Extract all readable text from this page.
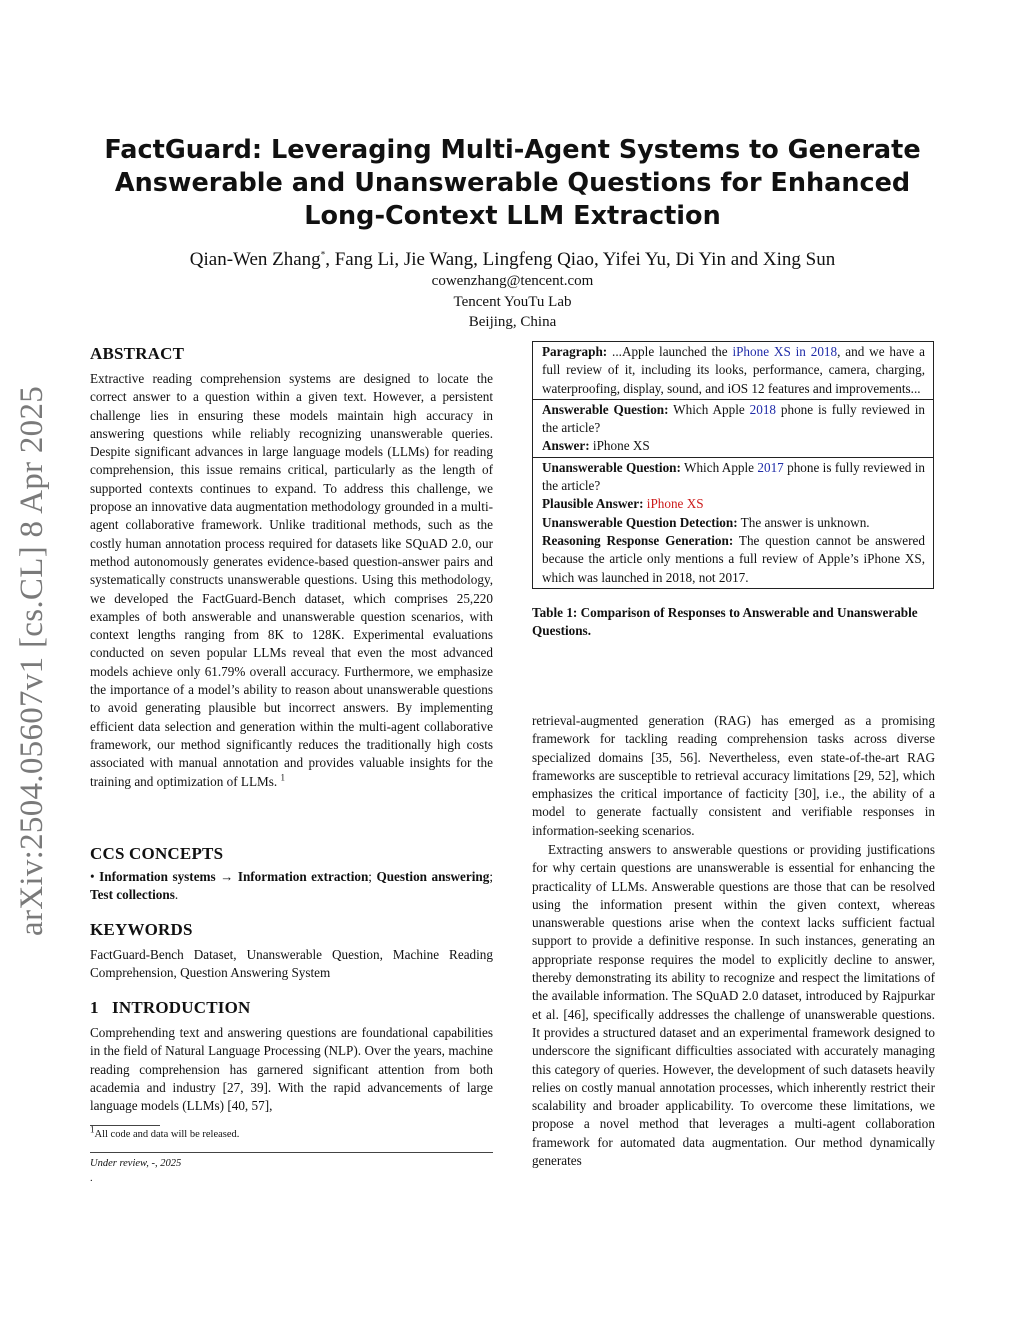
arXiv:2504.05607v1 [cs.CL] 8 Apr 2025
FactGuard: Leveraging Multi-Agent Systems to Generate
Answerable and Unanswerable Questions for Enhanced
Long-Context LLM Extraction
Qian-Wen Zhang*, Fang Li, Jie Wang, Lingfeng Qiao, Yifei Yu, Di Yin and Xing Sun
cowenzhang@tencent.com
Tencent YouTu Lab
Beijing, China
ABSTRACT

Extractive reading comprehension systems are designed to locate the correct answer to a question within a given text. However, a persistent challenge lies in ensuring these models maintain high accuracy in answering questions while reliably recognizing unanswerable queries. Despite significant advances in large language models (LLMs) for reading comprehension, this issue remains critical, particularly as the length of supported contexts continues to expand. To address this challenge, we propose an innovative data augmentation methodology grounded in a multi-agent collaborative framework. Unlike traditional methods, such as the costly human annotation process required for datasets like SQuAD 2.0, our method autonomously generates evidence-based question-answer pairs and systematically constructs unanswerable questions. Using this methodology, we developed the FactGuard-Bench dataset, which comprises 25,220 examples of both answerable and unanswerable question scenarios, with context lengths ranging from 8K to 128K. Experimental evaluations conducted on seven popular LLMs reveal that even the most advanced models achieve only 61.79% overall accuracy. Furthermore, we emphasize the importance of a model’s ability to reason about unanswerable questions to avoid generating plausible but incorrect answers. By implementing efficient data selection and generation within the multi-agent collaborative framework, our method significantly reduces the traditionally high costs associated with manual annotation and provides valuable insights for the training and optimization of LLMs. $^1$

CCS CONCEPTS

• Information systems → Information extraction; Question answering; Test collections.

KEYWORDS

FactGuard-Bench Dataset, Unanswerable Question, Machine Reading Comprehension, Question Answering System

1   INTRODUCTION

Comprehending text and answering questions are foundational capabilities in the field of Natural Language Processing (NLP). Over the years, machine reading comprehension has garnered significant attention from both academia and industry [27, 39]. With the rapid advancements of large language models (LLMs) [40, 57],

$^1$All code and data will be released.

Under review, -, 2025

.

Paragraph: ...Apple launched the iPhone XS in 2018, and we have a full review of it, including its looks, performance, camera, charging, waterproofing, display, sound, and iOS 12 features and improvements...
Answerable Question: Which Apple 2018 phone is fully reviewed in the article?
Answer: iPhone XS
Unanswerable Question: Which Apple 2017 phone is fully reviewed in the article?
Plausible Answer: iPhone XS
Unanswerable Question Detection: The answer is unknown.
Reasoning Response Generation: The question cannot be answered because the article only mentions a full review of Apple’s iPhone XS, which was launched in 2018, not 2017.

Table 1: Comparison of Responses to Answerable and Unanswerable Questions.

retrieval-augmented generation (RAG) has emerged as a promising framework for tackling reading comprehension tasks across diverse specialized domains [35, 56]. Nevertheless, even state-of-the-art RAG frameworks are susceptible to retrieval accuracy limitations [29, 52], which emphasizes the critical importance of facticity [30], i.e., the ability of a model to generate factually consistent and verifiable responses in information-seeking scenarios.

Extracting answers to answerable questions or providing justifications for why certain questions are unanswerable is essential for enhancing the practicality of LLMs. Answerable questions are those that can be resolved using the information present within the given context, whereas unanswerable questions arise when the context lacks sufficient factual support to provide a definitive response. In such instances, generating an appropriate response requires the model to explicitly decline to answer, thereby demonstrating its ability to recognize and respect the limitations of the available information. The SQuAD 2.0 dataset, introduced by Rajpurkar et al. [46], specifically addresses the challenge of unanswerable questions. It provides a structured dataset and an experimental framework designed to underscore the significant difficulties associated with accurately managing this category of queries. However, the development of such datasets heavily relies on costly manual annotation processes, which inherently restrict their scalability and broader applicability. To overcome these limitations, we propose a novel method that leverages a multi-agent collaboration framework for automated data augmentation. Our method dynamically generates
